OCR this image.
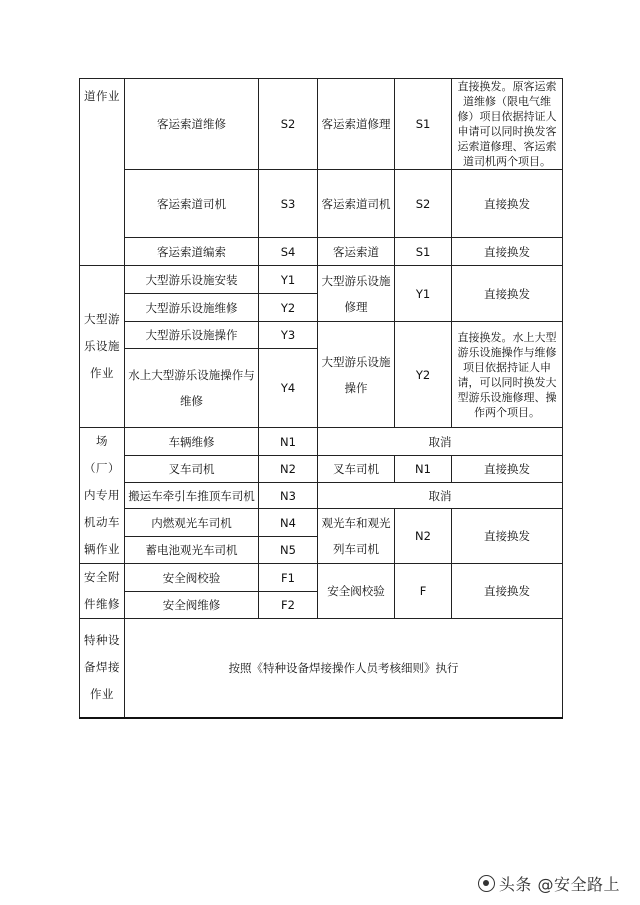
道作业	客运索道维修	S2	客运索道修理	S1	直接换发。原客运索道维修（限电气维修）项目依据持证人申请可以同时换发客运索道修理、客运索道司机两个项目。
	客运索道司机	S3	客运索道司机	S2	直接换发
	客运索道编索	S4	客运索道	S1	直接换发
大型游乐设施作业	大型游乐设施安装	Y1	大型游乐设施修理	Y1	直接换发
	大型游乐设施维修	Y2			
	大型游乐设施操作	Y3	大型游乐设施操作	Y2	直接换发。水上大型游乐设施操作与维修项目依据持证人申请，可以同时换发大型游乐设施修理、操作两个项目。
	水上大型游乐设施操作与维修	Y4			
场（厂）内专用机动车辆作业	车辆维修	N1	取消		
	叉车司机	N2	叉车司机	N1	直接换发
	搬运车牵引车推顶车司机	N3	取消		
	内燃观光车司机	N4	观光车和观光列车司机	N2	直接换发
	蓄电池观光车司机	N5			
安全附件维修	安全阀校验	F1	安全阀校验	F	直接换发
	安全阀维修	F2			
特种设备焊接作业	按照《特种设备焊接操作人员考核细则》执行				
头条 @安全路上
